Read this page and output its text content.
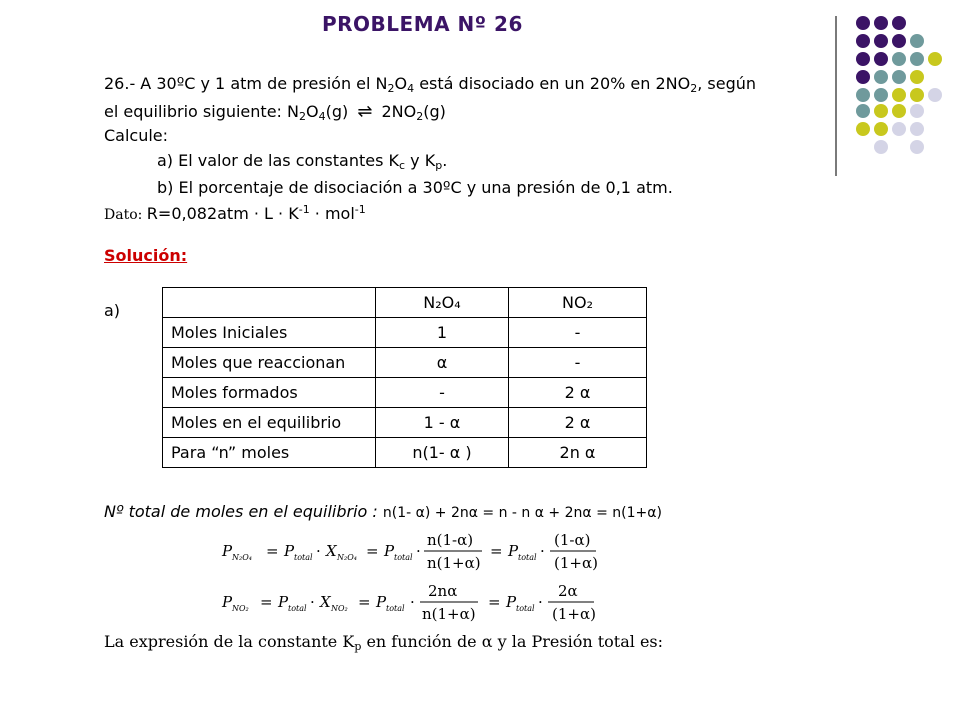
PROBLEMA Nº 26
26.- A 30ºC y 1 atm de presión el N2O4 está disociado en un 20% en 2NO2, según
el equilibrio siguiente: N2O4(g) ⇌ 2NO2(g)
Calcule:
a) El valor de las constantes Kc y Kp.
b) El porcentaje de disociación a 30ºC y una presión de 0,1 atm.
Dato: $R=0,082atm \cdot L \cdot K^{-1} \cdot mol^{-1}$
Solución:
a)
		N₂O₄	NO₂
Moles Iniciales	1	-
Moles que reaccionan	α	-
Moles formados	-	2 α
Moles en el equilibrio	1 - α	2 α
Para “n” moles	n(1- α )	2n α
Nº total de moles en el equilibrio : n(1- α) + 2nα = n - n α + 2nα = n(1+α)
P N₂O₄ = P total · X N₂O₄ = P total ·
n(1-α)
n(1+α)
= P total ·
(1-α)
(1+α)
P NO₂ = P total · X NO₂ = P total ·
2nα
n(1+α)
= P total ·
2α
(1+α)
La expresión de la constante Kp en función de α y la Presión total es:
